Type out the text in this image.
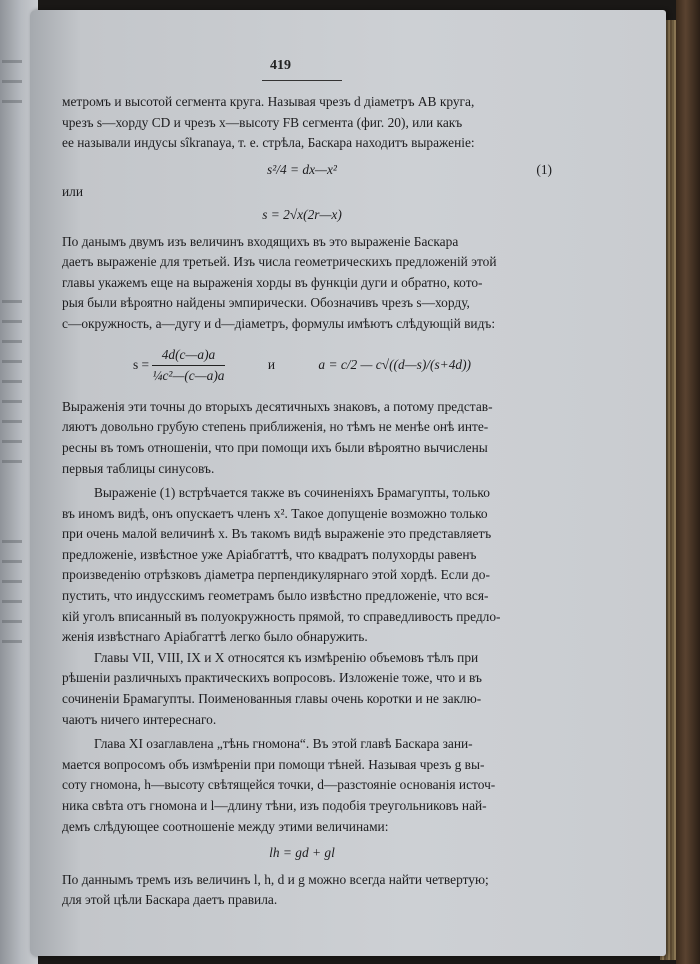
419
метромъ и высотой сегмента круга. Называя чрезъ d діаметръ AB круга,
чрезъ s—хорду CD и чрезъ x—высоту FB сегмента (фиг. 20), или какъ
ее называли индусы sîkranaya, т. е. стрѣла, Баскара находитъ выраженіе:
s²/4 = dx—x²	(1)
или
s = 2√x(2r—x)
По данымъ двумъ изъ величинъ входящихъ въ это выраженіе Баскара
даетъ выраженіе для третьей. Изъ числа геометрическихъ предложеній этой
главы укажемъ еще на выраженія хорды въ функціи дуги и обратно, кото-
рыя были вѣроятно найдены эмпирически. Обозначивъ чрезъ s—хорду,
c—окружность, a—дугу и d—діаметръ, формулы имѣютъ слѣдующій видъ:
$s = \frac{4d(c—a)a}{\text{¼c²—(c—a)a}}$	и	a = c/2 — c√((d—s)/(s+4d))
Выраженія эти точны до вторыхъ десятичныхъ знаковъ, а потому представ-
ляютъ довольно грубую степень приближенія, но тѣмъ не менѣе онѣ инте-
ресны въ томъ отношеніи, что при помощи ихъ были вѣроятно вычислены
первыя таблицы синусовъ.
Выраженіе (1) встрѣчается также въ сочиненіяхъ Брамагупты, только
въ иномъ видѣ, онъ опускаетъ членъ x². Такое допущеніе возможно только
при очень малой величинѣ x. Въ такомъ видѣ выраженіе это представляетъ
предложеніе, извѣстное уже Аріабгаттѣ, что квадратъ полухорды равенъ
произведенію отрѣзковъ діаметра перпендикулярнаго этой хордѣ. Если до-
пустить, что индусскимъ геометрамъ было извѣстно предложеніе, что вся-
кій уголъ вписанный въ полуокружность прямой, то справедливость предло-
женія извѣстнаго Аріабгаттѣ легко было обнаружить.
Главы VII, VIII, IX и X относятся къ измѣренію объемовъ тѣлъ при
рѣшеніи различныхъ практическихъ вопросовъ. Изложеніе тоже, что и въ
сочиненіи Брамагупты. Поименованныя главы очень коротки и не заклю-
чаютъ ничего интереснаго.
Глава XI озаглавлена „тѣнь гномона“. Въ этой главѣ Баскара зани-
мается вопросомъ объ измѣреніи при помощи тѣней. Называя чрезъ g вы-
соту гномона, h—высоту свѣтящейся точки, d—разстояніе основанія источ-
ника свѣта отъ гномона и l—длину тѣни, изъ подобія треугольниковъ най-
демъ слѣдующее соотношеніе между этими величинами:
lh = gd + gl
По даннымъ тремъ изъ величинъ l, h, d и g можно всегда найти четвертую;
для этой цѣли Баскара даетъ правила.
